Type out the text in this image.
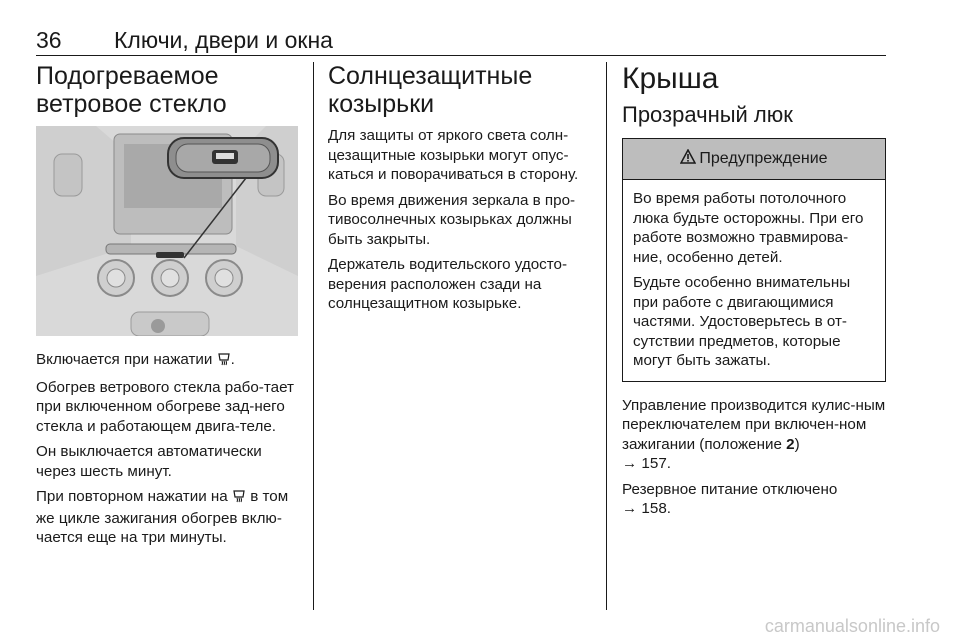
36 Ключи, двери и окна
Подогреваемое ветровое стекло

Включается при нажатии .

Обогрев ветрового стекла рабо-тает при включенном обогреве зад-него стекла и работающем двига-теле.

Он выключается автоматически через шесть минут.

При повторном нажатии на в том же цикле зажигания обогрев вклю-чается еще на три минуты.

Солнцезащитные козырьки

Для защиты от яркого света солн-цезащитные козырьки могут опус-каться и поворачиваться в сторону.

Во время движения зеркала в про-тивосолнечных козырьках должны быть закрыты.

Держатель водительского удосто-верения расположен сзади на солнцезащитном козырьке.

Крыша
Прозрачный люк
Предупреждение

Во время работы потолочного люка будьте осторожны. При его работе возможно травмирова-ние, особенно детей.

Будьте особенно внимательны при работе с двигающимися частями. Удостоверьтесь в от-сутствии предметов, которые могут быть зажаты.

Управление производится кулис-ным переключателем при включен-ном зажигании (положение 2)
→ 157.

Резервное питание отключено
→ 158.

carmanualsonline.info
